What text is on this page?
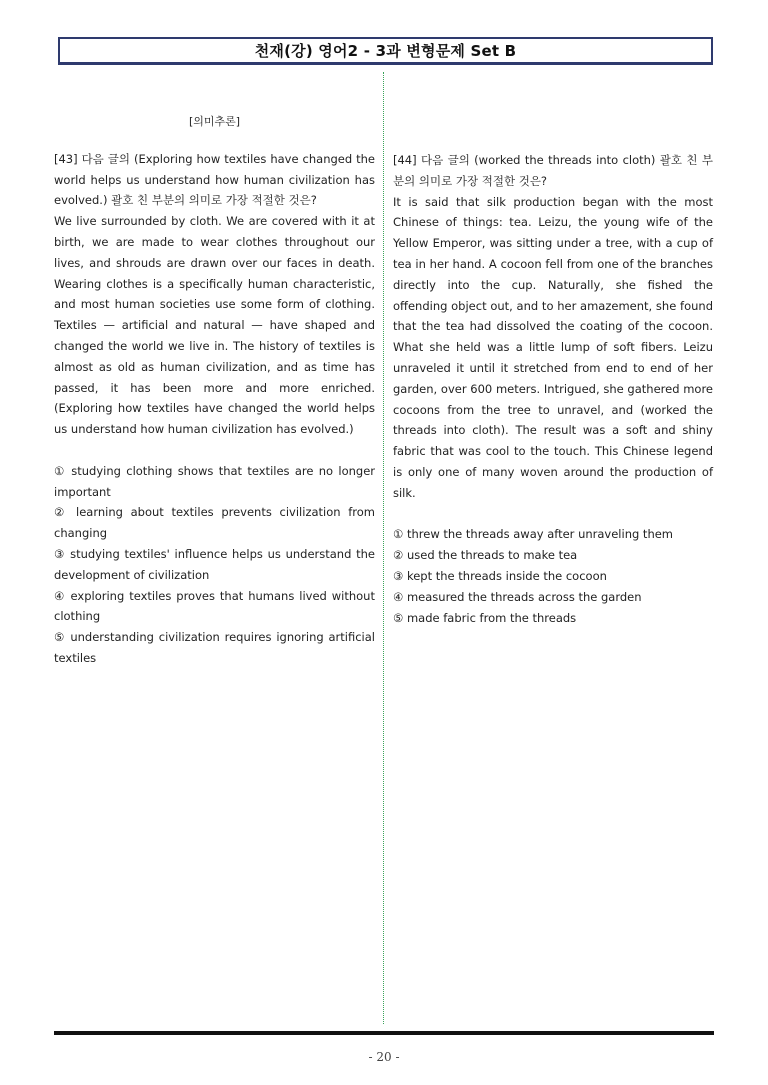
천재(강) 영어2 - 3과 변형문제 Set B
[의미추론]

[43] 다음 글의 (Exploring how textiles have changed the world helps us understand how human civilization has evolved.) 괄호 친 부분의 의미로 가장 적절한 것은?

We live surrounded by cloth. We are covered with it at birth, we are made to wear clothes throughout our lives, and shrouds are drawn over our faces in death. Wearing clothes is a specifically human characteristic, and most human societies use some form of clothing. Textiles — artificial and natural — have shaped and changed the world we live in. The history of textiles is almost as old as human civilization, and as time has passed, it has been more and more enriched. (Exploring how textiles have changed the world helps us understand how human civilization has evolved.)

① studying clothing shows that textiles are no longer important

② learning about textiles prevents civilization from changing

③ studying textiles' influence helps us understand the development of civilization

④ exploring textiles proves that humans lived without clothing

⑤ understanding civilization requires ignoring artificial textiles

[44] 다음 글의 (worked the threads into cloth) 괄호 친 부분의 의미로 가장 적절한 것은?

It is said that silk production began with the most Chinese of things: tea. Leizu, the young wife of the Yellow Emperor, was sitting under a tree, with a cup of tea in her hand. A cocoon fell from one of the branches directly into the cup. Naturally, she fished the offending object out, and to her amazement, she found that the tea had dissolved the coating of the cocoon. What she held was a little lump of soft fibers. Leizu unraveled it until it stretched from end to end of her garden, over 600 meters. Intrigued, she gathered more cocoons from the tree to unravel, and (worked the threads into cloth). The result was a soft and shiny fabric that was cool to the touch. This Chinese legend is only one of many woven around the production of silk.

① threw the threads away after unraveling them

② used the threads to make tea

③ kept the threads inside the cocoon

④ measured the threads across the garden

⑤ made fabric from the threads

- 20 -
